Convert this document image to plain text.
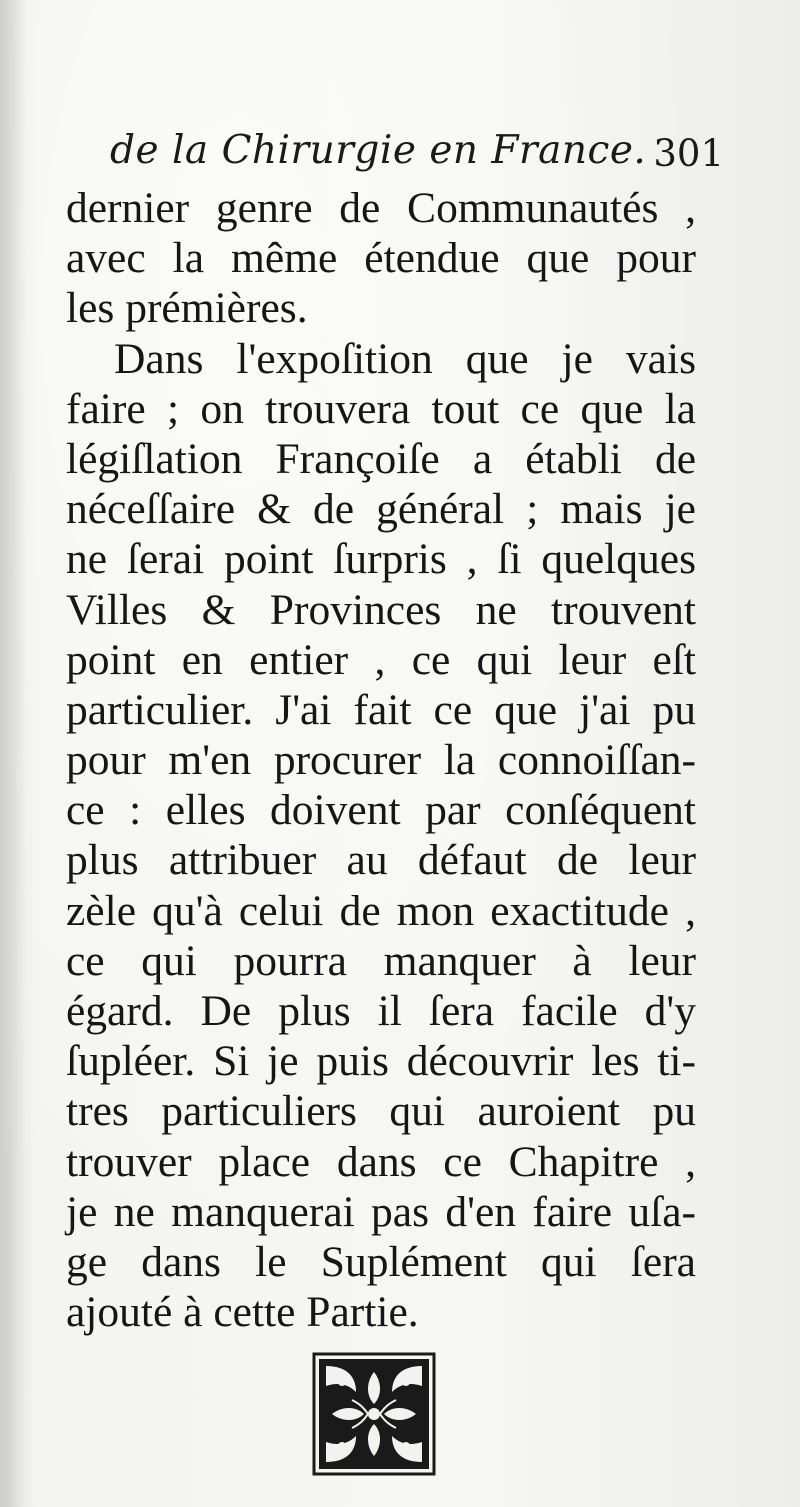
de la Chirurgie en France. 301
dernier genre de Communautés ,
avec la même étendue que pour
les prémières.
Dans l'expoſition que je vais
faire ; on trouvera tout ce que la
légiſlation Françoiſe a établi de
néceſſaire & de général ; mais je
ne ſerai point ſurpris , ſi quelques
Villes & Provinces ne trouvent
point en entier , ce qui leur eſt
particulier. J'ai fait ce que j'ai pu
pour m'en procurer la connoiſſan-
ce : elles doivent par conſéquent
plus attribuer au défaut de leur
zèle qu'à celui de mon exactitude ,
ce qui pourra manquer à leur
égard. De plus il ſera facile d'y
ſupléer. Si je puis découvrir les ti-
tres particuliers qui auroient pu
trouver place dans ce Chapitre ,
je ne manquerai pas d'en faire uſa-
ge dans le Suplément qui ſera
ajouté à cette Partie.
